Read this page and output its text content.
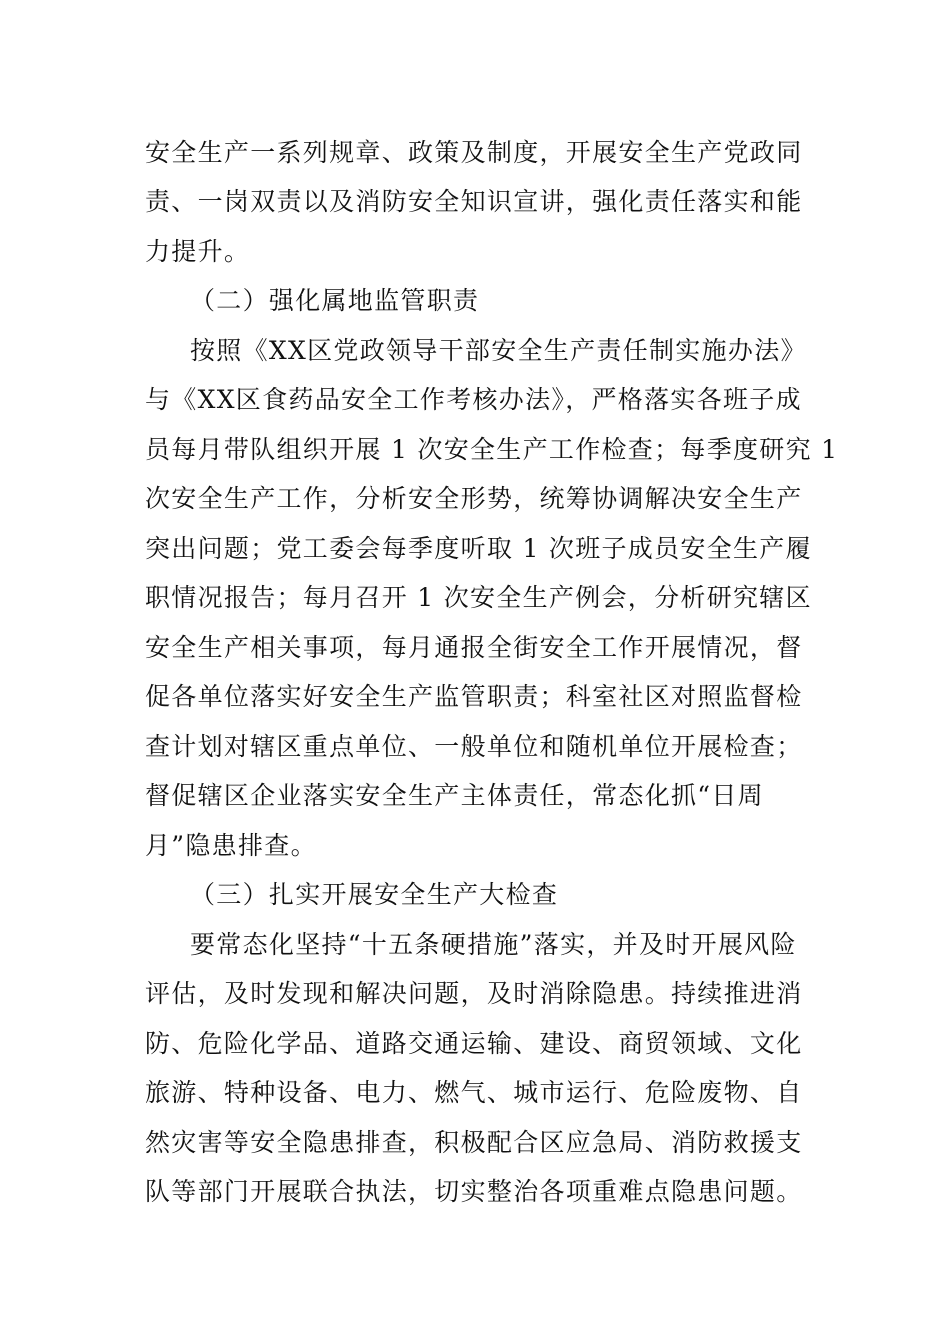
安全生产一系列规章、政策及制度，开展安全生产党政同
责、一岗双责以及消防安全知识宣讲，强化责任落实和能
力提升。
（二）强化属地监管职责
按照《XX区党政领导干部安全生产责任制实施办法》
与《XX区食药品安全工作考核办法》，严格落实各班子成
员每月带队组织开展 1 次安全生产工作检查；每季度研究 1
次安全生产工作，分析安全形势，统筹协调解决安全生产
突出问题；党工委会每季度听取 1 次班子成员安全生产履
职情况报告；每月召开 1 次安全生产例会，分析研究辖区
安全生产相关事项，每月通报全街安全工作开展情况，督
促各单位落实好安全生产监管职责；科室社区对照监督检
查计划对辖区重点单位、一般单位和随机单位开展检查；
督促辖区企业落实安全生产主体责任，常态化抓“日周
月”隐患排查。
（三）扎实开展安全生产大检查
要常态化坚持“十五条硬措施”落实，并及时开展风险
评估，及时发现和解决问题，及时消除隐患。持续推进消
防、危险化学品、道路交通运输、建设、商贸领域、文化
旅游、特种设备、电力、燃气、城市运行、危险废物、自
然灾害等安全隐患排查，积极配合区应急局、消防救援支
队等部门开展联合执法，切实整治各项重难点隐患问题。
